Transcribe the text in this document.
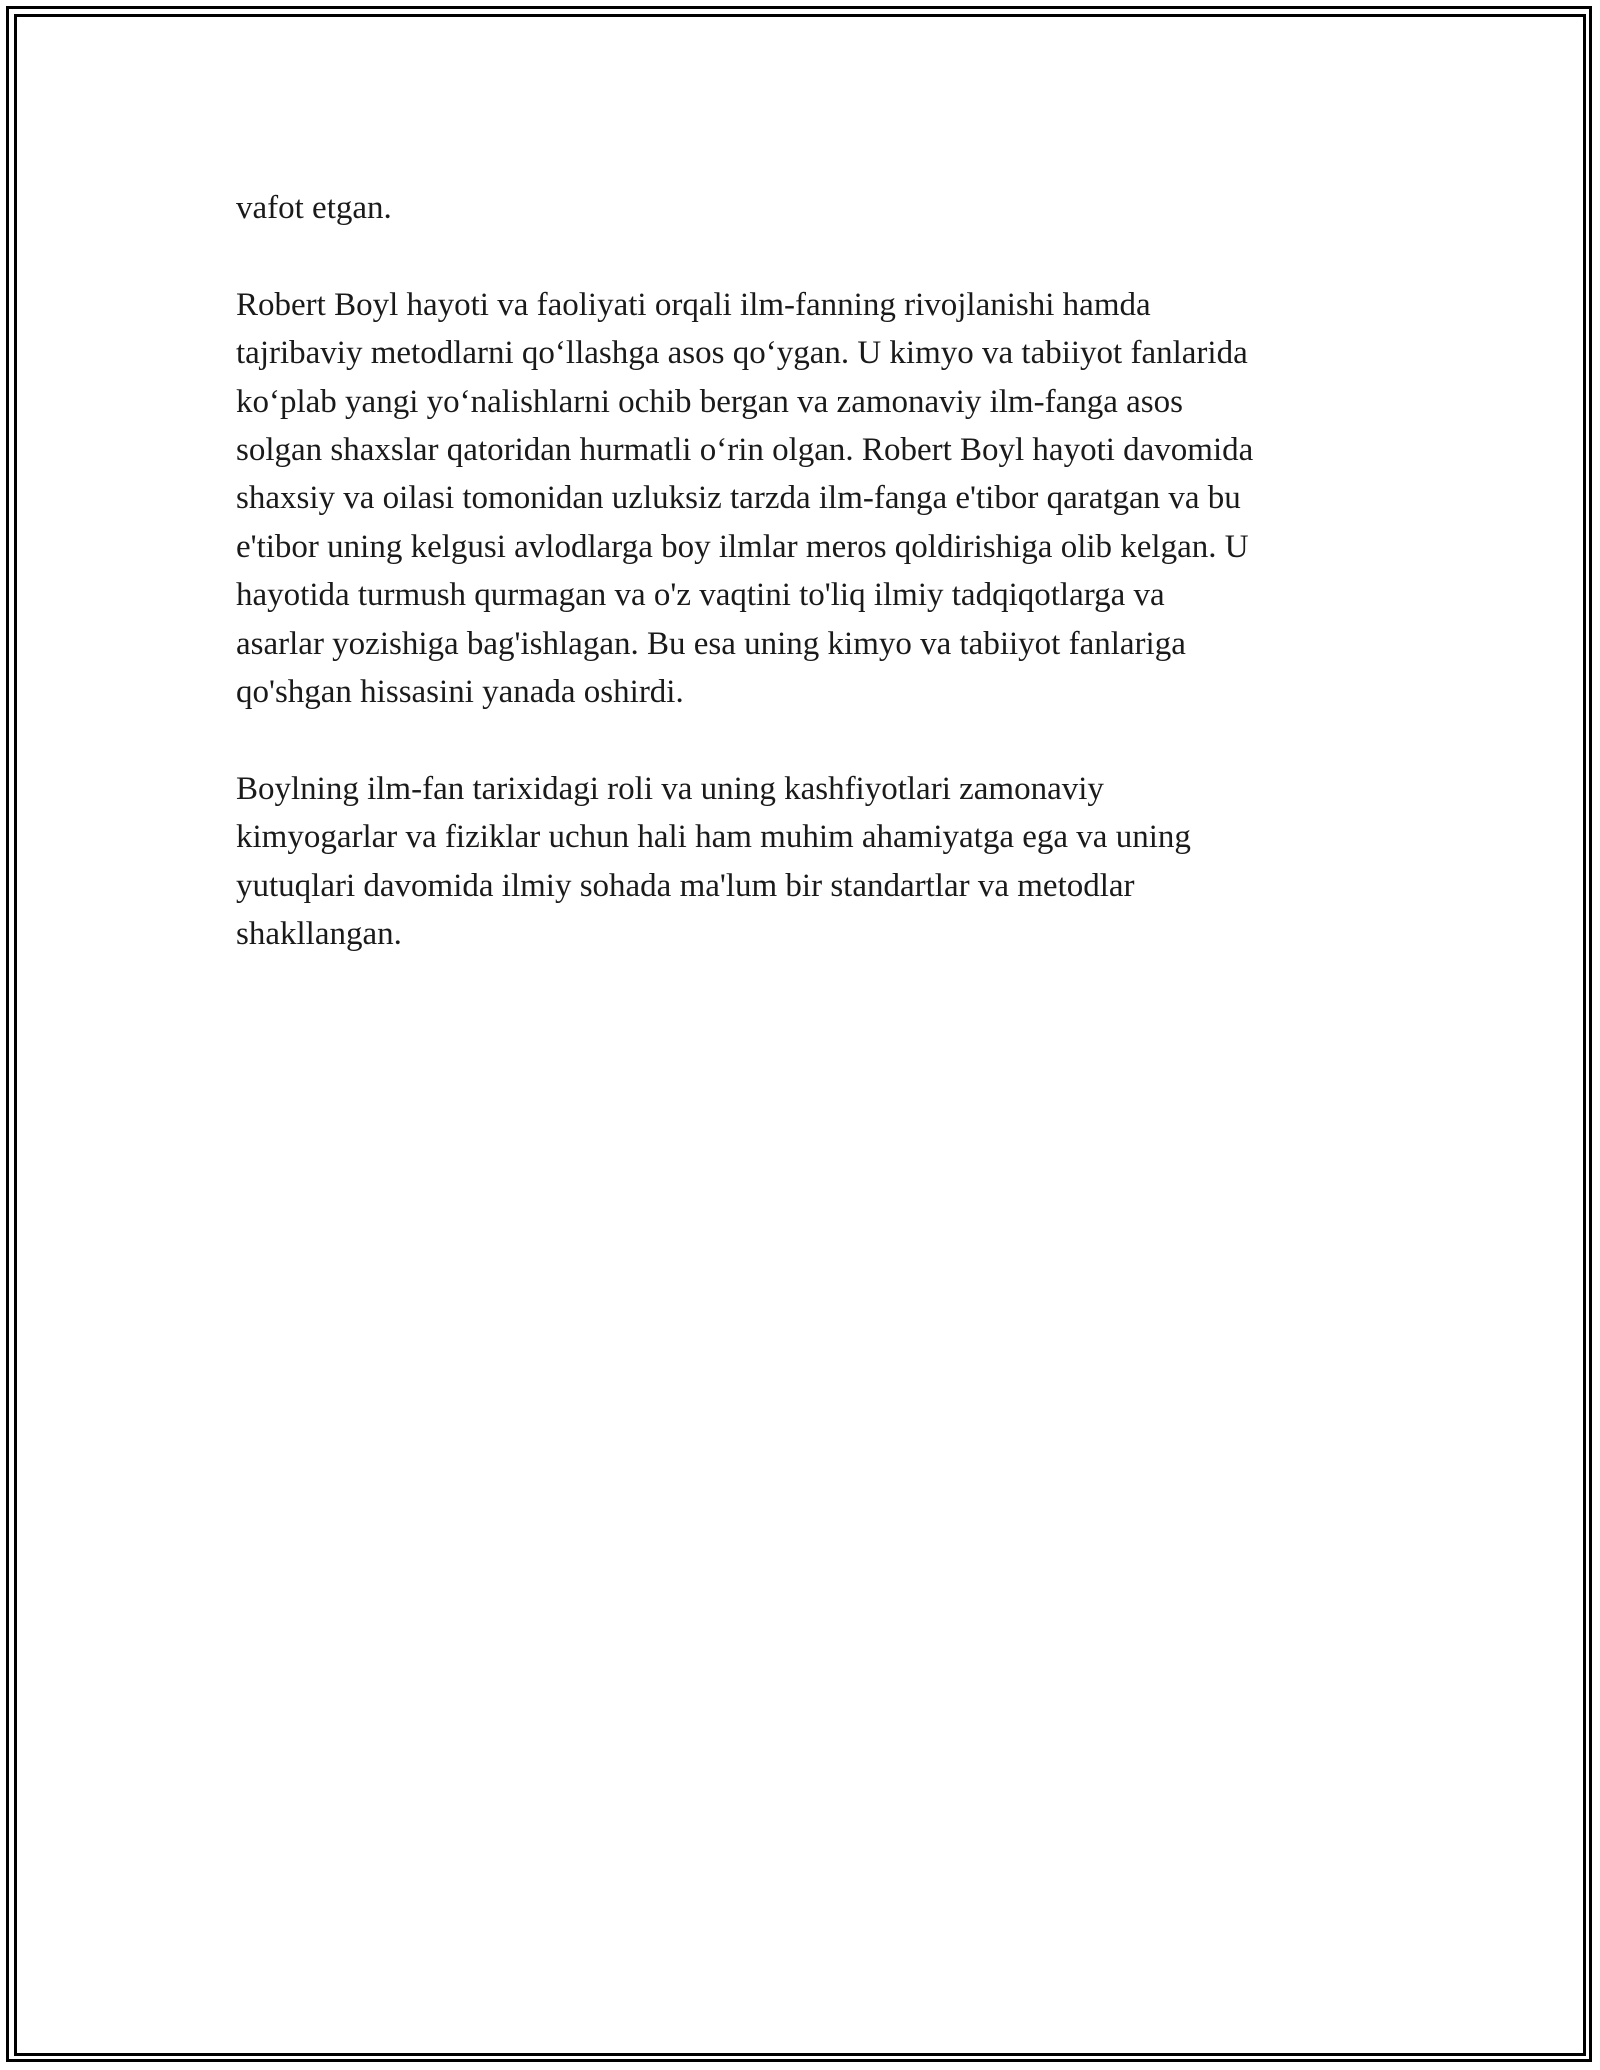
vafot etgan.

Robert Boyl hayoti va faoliyati orqali ilm-fanning rivojlanishi hamda
tajribaviy metodlarni qo‘llashga asos qo‘ygan. U kimyo va tabiiyot fanlarida
ko‘plab yangi yo‘nalishlarni ochib bergan va zamonaviy ilm-fanga asos
solgan shaxslar qatoridan hurmatli o‘rin olgan. Robert Boyl hayoti davomida
shaxsiy va oilasi tomonidan uzluksiz tarzda ilm-fanga e'tibor qaratgan va bu
e'tibor uning kelgusi avlodlarga boy ilmlar meros qoldirishiga olib kelgan. U
hayotida turmush qurmagan va o'z vaqtini to'liq ilmiy tadqiqotlarga va
asarlar yozishiga bag'ishlagan. Bu esa uning kimyo va tabiiyot fanlariga
qo'shgan hissasini yanada oshirdi.

Boylning ilm-fan tarixidagi roli va uning kashfiyotlari zamonaviy
kimyogarlar va fiziklar uchun hali ham muhim ahamiyatga ega va uning
yutuqlari davomida ilmiy sohada ma'lum bir standartlar va metodlar
shakllangan.
